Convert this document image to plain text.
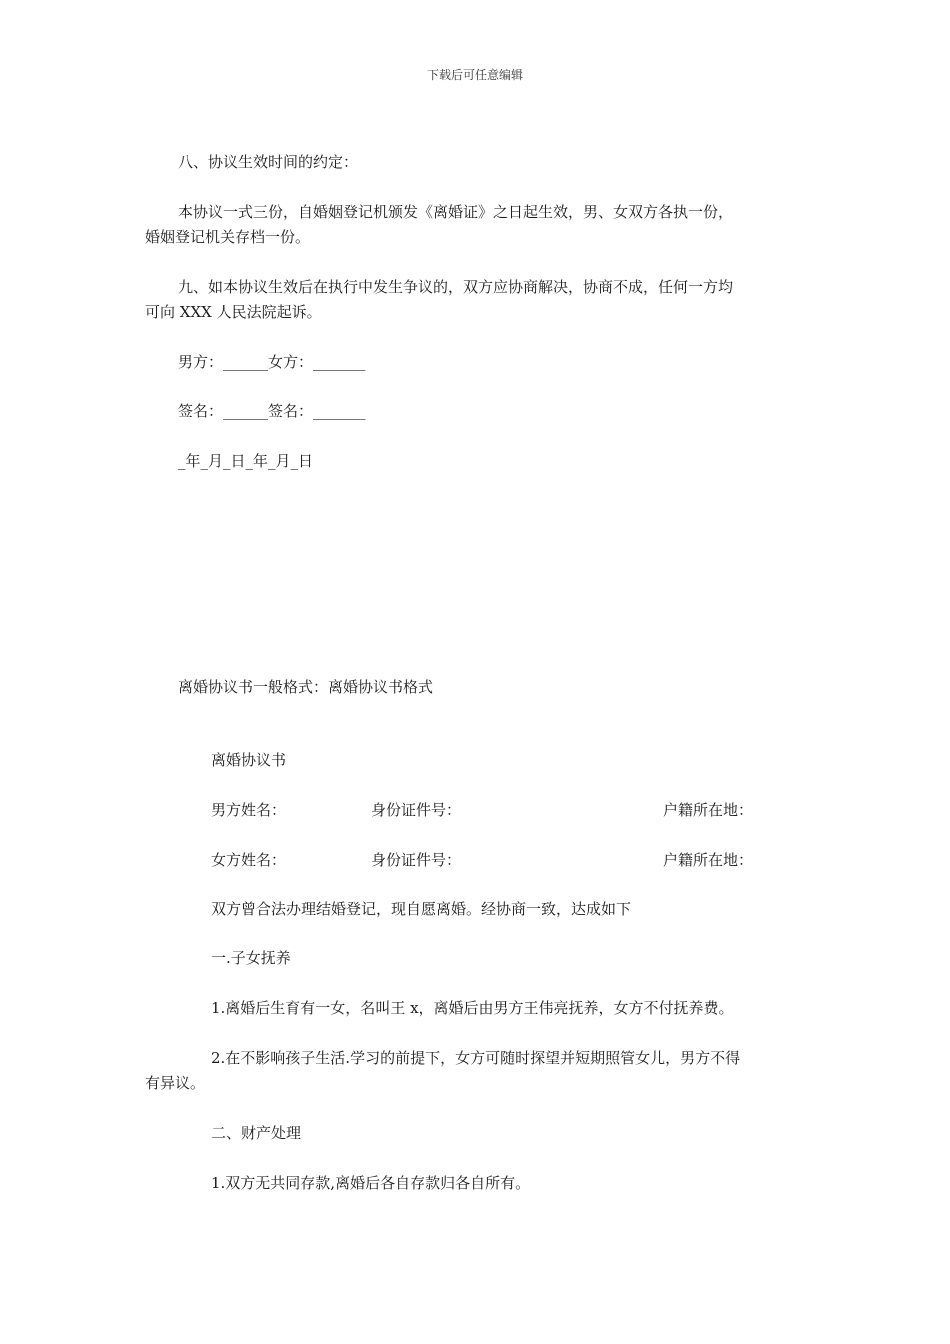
下载后可任意编辑
八、协议生效时间的约定：
本协议一式三份，自婚姻登记机颁发《离婚证》之日起生效，男、女双方各执一份，
婚姻登记机关存档一份。
九、如本协议生效后在执行中发生争议的，双方应协商解决，协商不成，任何一方均
可向 XXX 人民法院起诉。
男方：______女方：_______
签名：______签名：_______
_年_月_日_年_月_日
离婚协议书一般格式：离婚协议书格式
离婚协议书
男方姓名：	身份证件号：	户籍所在地：
女方姓名：	身份证件号：	户籍所在地：
双方曾合法办理结婚登记，现自愿离婚。经协商一致，达成如下
一.子女抚养
1.离婚后生育有一女，名叫王 x，离婚后由男方王伟亮抚养，女方不付抚养费。
2.在不影响孩子生活.学习的前提下，女方可随时探望并短期照管女儿，男方不得
有异议。
二、财产处理
1.双方无共同存款,离婚后各自存款归各自所有。
